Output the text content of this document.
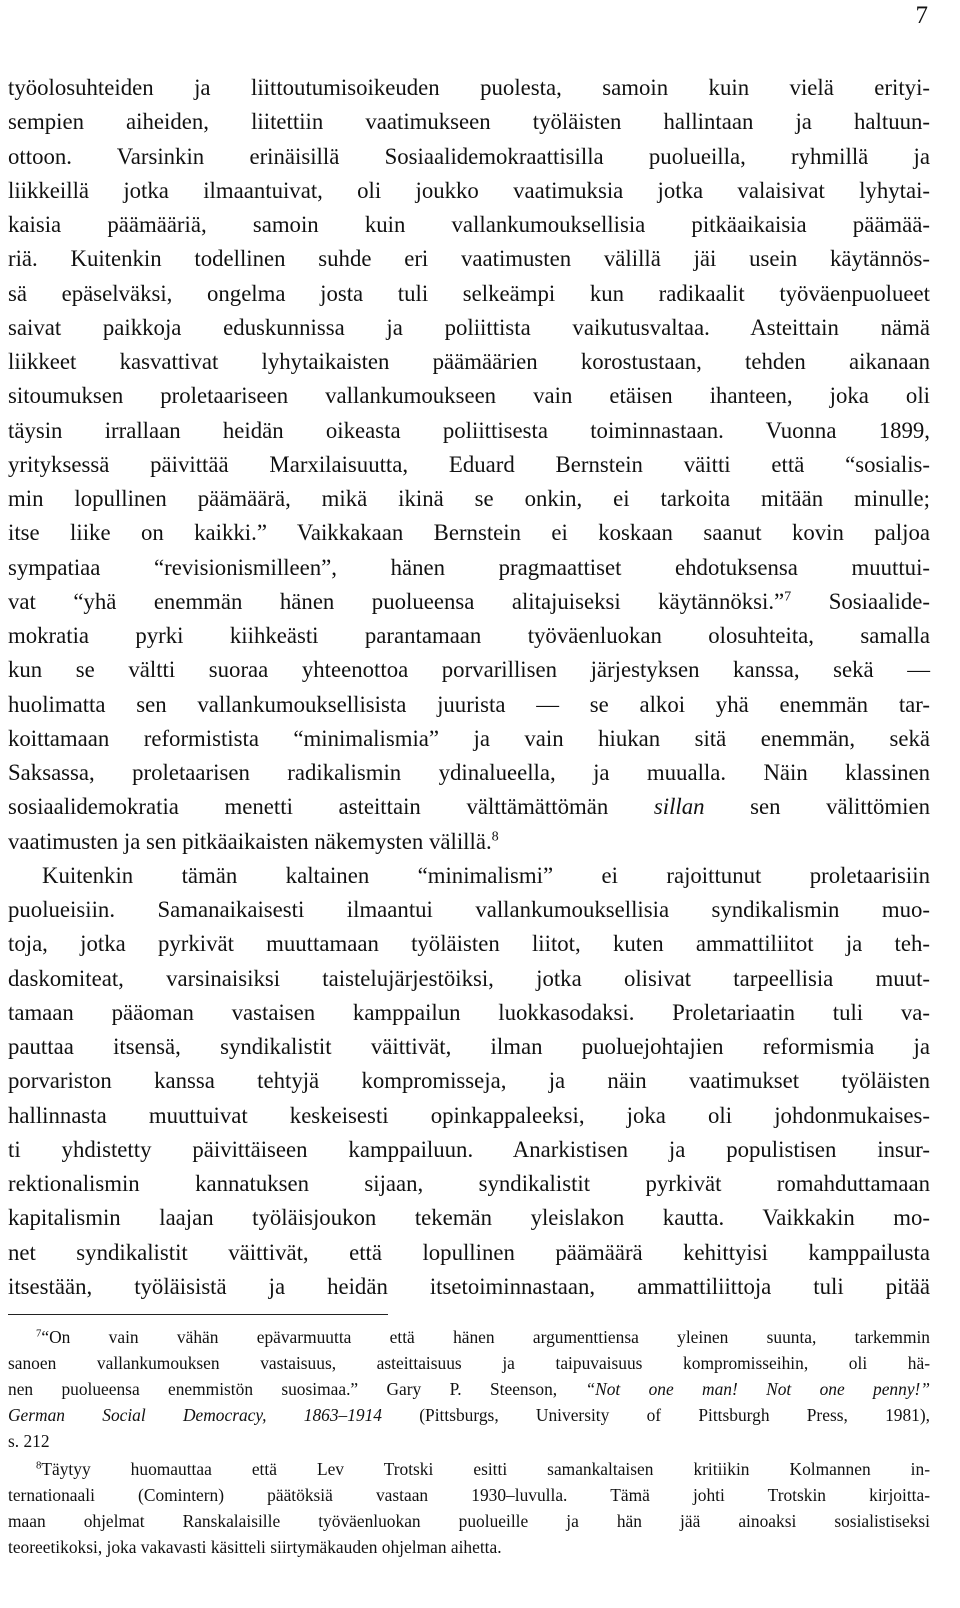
7
työolosuhteiden ja liittoutumisoikeuden puolesta, samoin kuin vielä erityi-
sempien aiheiden, liitettiin vaatimukseen työläisten hallintaan ja haltuun-
ottoon. Varsinkin erinäisillä Sosiaalidemokraattisilla puolueilla, ryhmillä ja
liikkeillä jotka ilmaantuivat, oli joukko vaatimuksia jotka valaisivat lyhytai-
kaisia päämääriä, samoin kuin vallankumouksellisia pitkäaikaisia päämää-
riä. Kuitenkin todellinen suhde eri vaatimusten välillä jäi usein käytännös-
sä epäselväksi, ongelma josta tuli selkeämpi kun radikaalit työväenpuolueet
saivat paikkoja eduskunnissa ja poliittista vaikutusvaltaa. Asteittain nämä
liikkeet kasvattivat lyhytaikaisten päämäärien korostustaan, tehden aikanaan
sitoumuksen proletaariseen vallankumoukseen vain etäisen ihanteen, joka oli
täysin irrallaan heidän oikeasta poliittisesta toiminnastaan. Vuonna 1899,
yrityksessä päivittää Marxilaisuutta, Eduard Bernstein väitti että “sosialis-
min lopullinen päämäärä, mikä ikinä se onkin, ei tarkoita mitään minulle;
itse liike on kaikki.” Vaikkakaan Bernstein ei koskaan saanut kovin paljoa
sympatiaa “revisionismilleen”, hänen pragmaattiset ehdotuksensa muuttui-
vat “yhä enemmän hänen puolueensa alitajuiseksi käytännöksi.”$^7$ Sosiaalide-
mokratia pyrki kiihkeästi parantamaan työväenluokan olosuhteita, samalla
kun se vältti suoraa yhteenottoa porvarillisen järjestyksen kanssa, sekä —
huolimatta sen vallankumouksellisista juurista — se alkoi yhä enemmän tar-
koittamaan reformistista “minimalismia” ja vain hiukan sitä enemmän, sekä
Saksassa, proletaarisen radikalismin ydinalueella, ja muualla. Näin klassinen
sosiaalidemokratia menetti asteittain välttämättömän sillan sen välittömien
vaatimusten ja sen pitkäaikaisten näkemysten välillä.$^8$
Kuitenkin tämän kaltainen “minimalismi” ei rajoittunut proletaarisiin
puolueisiin. Samanaikaisesti ilmaantui vallankumouksellisia syndikalismin muo-
toja, jotka pyrkivät muuttamaan työläisten liitot, kuten ammattiliitot ja teh-
daskomiteat, varsinaisiksi taistelujärjestöiksi, jotka olisivat tarpeellisia muut-
tamaan pääoman vastaisen kamppailun luokkasodaksi. Proletariaatin tuli va-
pauttaa itsensä, syndikalistit väittivät, ilman puoluejohtajien reformismia ja
porvariston kanssa tehtyjä kompromisseja, ja näin vaatimukset työläisten
hallinnasta muuttuivat keskeisesti opinkappaleeksi, joka oli johdonmukaises-
ti yhdistetty päivittäiseen kamppailuun. Anarkistisen ja populistisen insur-
rektionalismin kannatuksen sijaan, syndikalistit pyrkivät romahduttamaan
kapitalismin laajan työläisjoukon tekemän yleislakon kautta. Vaikkakin mo-
net syndikalistit väittivät, että lopullinen päämäärä kehittyisi kamppailusta
itsestään, työläisistä ja heidän itsetoiminnastaan, ammattiliittoja tuli pitää
$^7$“On vain vähän epävarmuutta että hänen argumenttiensa yleinen suunta, tarkemmin
sanoen vallankumouksen vastaisuus, asteittaisuus ja taipuvaisuus kompromisseihin, oli hä-
nen puolueensa enemmistön suosimaa.” Gary P. Steenson, “Not one man! Not one penny!”
German Social Democracy, 1863–1914 (Pittsburgs, University of Pittsburgh Press, 1981),
s. 212
$^8$Täytyy huomauttaa että Lev Trotski esitti samankaltaisen kritiikin Kolmannen in-
ternationaali (Comintern) päätöksiä vastaan 1930–luvulla. Tämä johti Trotskin kirjoitta-
maan ohjelmat Ranskalaisille työväenluokan puolueille ja hän jää ainoaksi sosialistiseksi
teoreetikoksi, joka vakavasti käsitteli siirtymäkauden ohjelman aihetta.
